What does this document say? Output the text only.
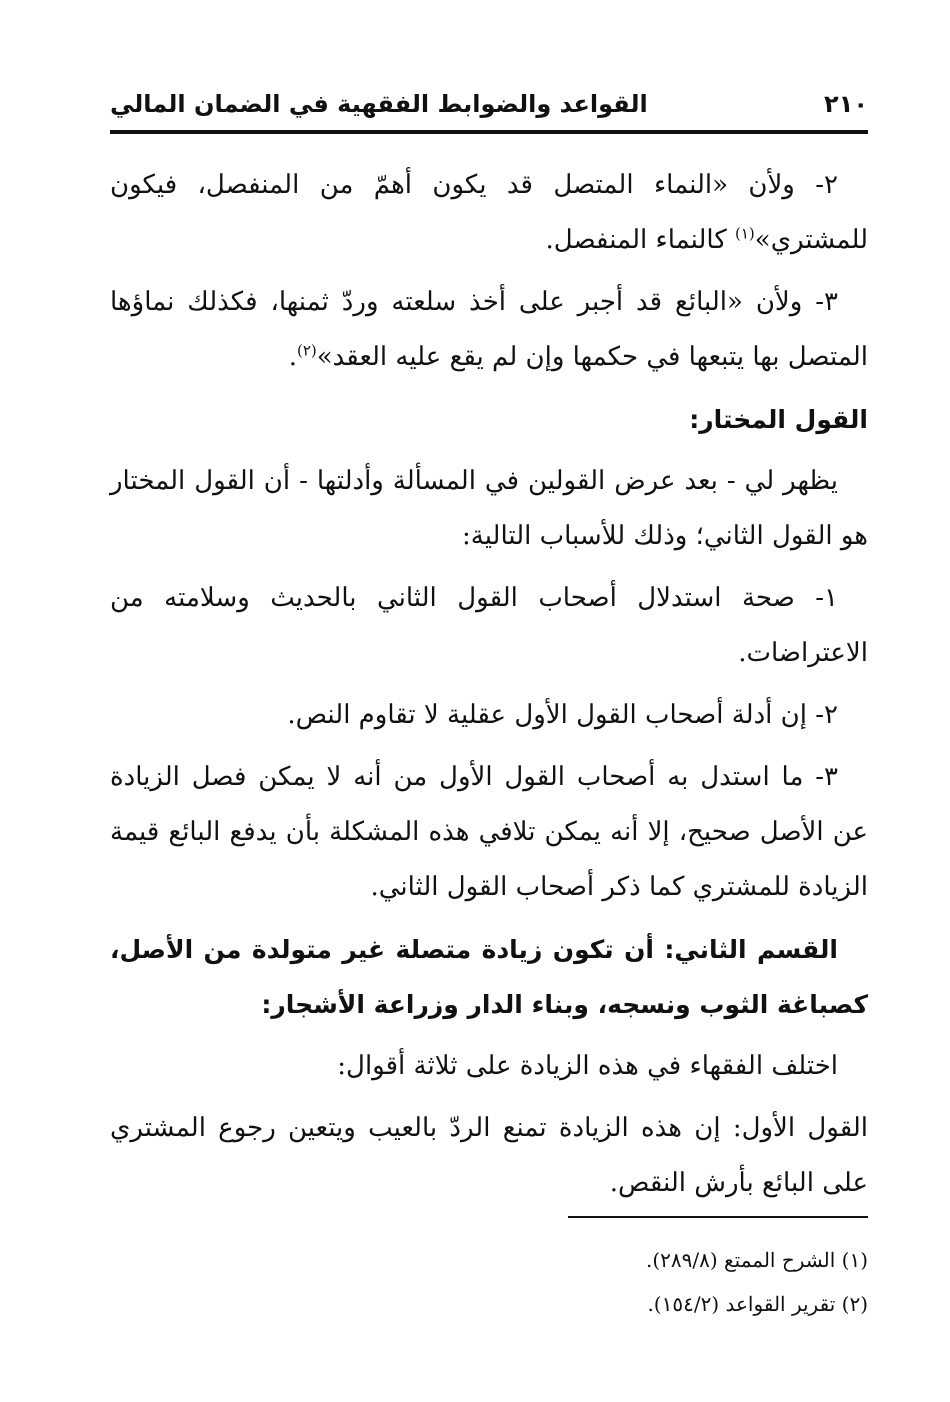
٢١٠
القواعد والضوابط الفقهية في الضمان المالي

٢- ولأن «النماء المتصل قد يكون أهمّ من المنفصل، فيكون للمشتري»$^{(١)}$ كالنماء المنفصل.

٣- ولأن «البائع قد أجبر على أخذ سلعته وردّ ثمنها، فكذلك نماؤها المتصل بها يتبعها في حكمها وإن لم يقع عليه العقد»$^{(٢)}$.

القول المختار:

يظهر لي - بعد عرض القولين في المسألة وأدلتها - أن القول المختار هو القول الثاني؛ وذلك للأسباب التالية:

١- صحة استدلال أصحاب القول الثاني بالحديث وسلامته من الاعتراضات.

٢- إن أدلة أصحاب القول الأول عقلية لا تقاوم النص.

٣- ما استدل به أصحاب القول الأول من أنه لا يمكن فصل الزيادة عن الأصل صحيح، إلا أنه يمكن تلافي هذه المشكلة بأن يدفع البائع قيمة الزيادة للمشتري كما ذكر أصحاب القول الثاني.

القسم الثاني: أن تكون زيادة متصلة غير متولدة من الأصل، كصباغة الثوب ونسجه، وبناء الدار وزراعة الأشجار:

اختلف الفقهاء في هذه الزيادة على ثلاثة أقوال:

القول الأول: إن هذه الزيادة تمنع الردّ بالعيب ويتعين رجوع المشتري على البائع بأرش النقص.

(١) الشرح الممتع (٢٨٩/٨).

(٢) تقرير القواعد (١٥٤/٢).
